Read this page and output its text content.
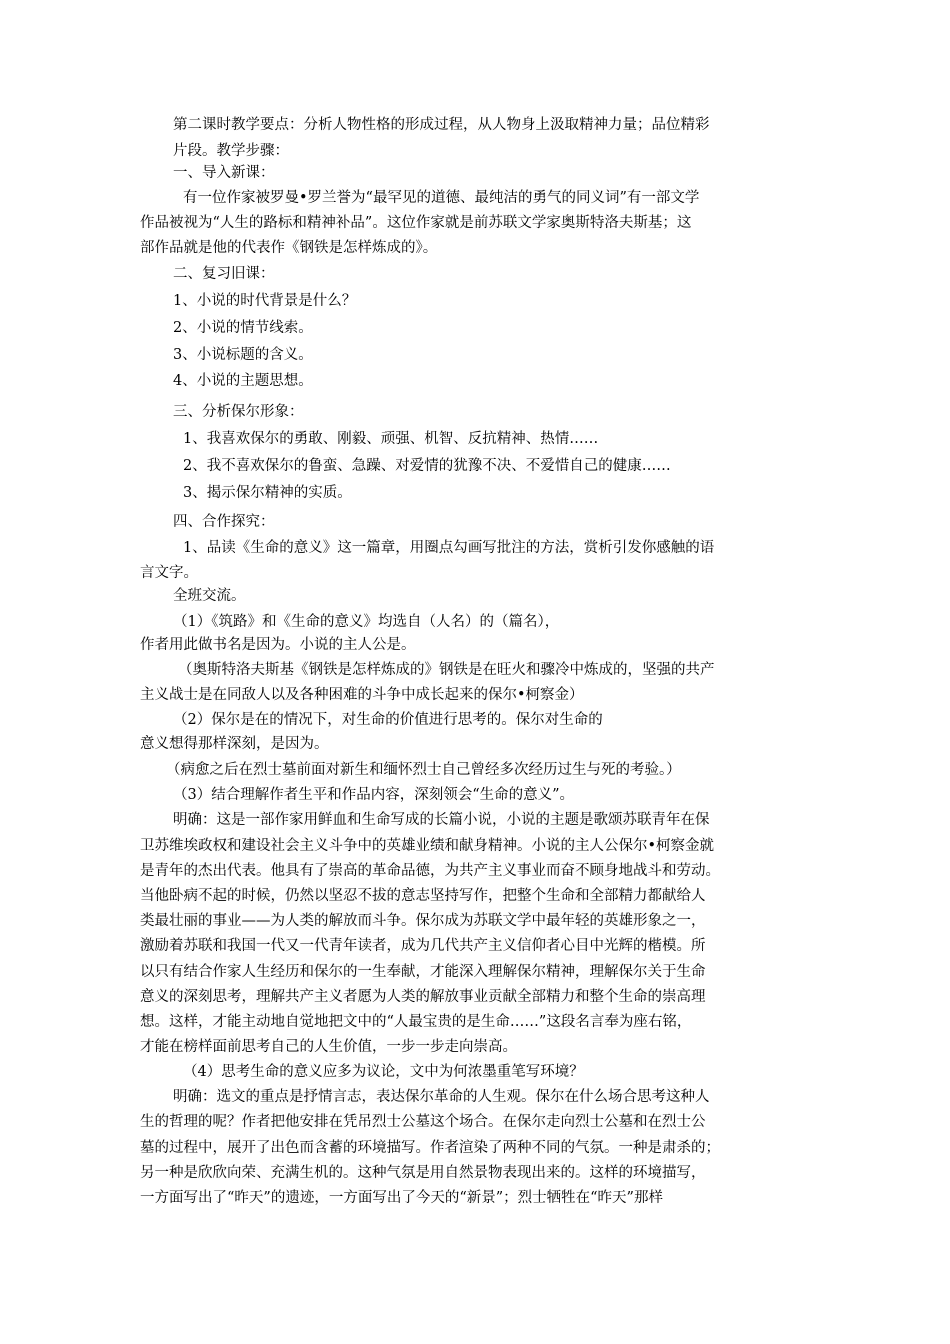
第二课时教学要点：分析人物性格的形成过程，从人物身上汲取精神力量；品位精彩

片段。教学步骤：

一、导入新课：

有一位作家被罗曼•罗兰誉为“最罕见的道德、最纯洁的勇气的同义词”有一部文学

作品被视为“人生的路标和精神补品”。这位作家就是前苏联文学家奥斯特洛夫斯基；这

部作品就是他的代表作《钢铁是怎样炼成的》。

二、复习旧课：

1、小说的时代背景是什么？

2、小说的情节线索。

3、小说标题的含义。

4、小说的主题思想。

三、分析保尔形象：

1、我喜欢保尔的勇敢、刚毅、顽强、机智、反抗精神、热情……

2、我不喜欢保尔的鲁蛮、急躁、对爱情的犹豫不决、不爱惜自己的健康……

3、揭示保尔精神的实质。

四、合作探究：

1、品读《生命的意义》这一篇章，用圈点勾画写批注的方法，赏析引发你感触的语

言文字。

全班交流。

（1）《筑路》和《生命的意义》均选自（人名）的（篇名），

作者用此做书名是因为。小说的主人公是。

（奥斯特洛夫斯基《钢铁是怎样炼成的》钢铁是在旺火和骤冷中炼成的，坚强的共产

主义战士是在同敌人以及各种困难的斗争中成长起来的保尔•柯察金）

（2）保尔是在的情况下，对生命的价值进行思考的。保尔对生命的

意义想得那样深刻，是因为。

（病愈之后在烈士墓前面对新生和缅怀烈士自己曾经多次经历过生与死的考验。）

（3）结合理解作者生平和作品内容，深刻领会“生命的意义”。

明确：这是一部作家用鲜血和生命写成的长篇小说，小说的主题是歌颂苏联青年在保

卫苏维埃政权和建设社会主义斗争中的英雄业绩和献身精神。小说的主人公保尔•柯察金就

是青年的杰出代表。他具有了崇高的革命品德，为共产主义事业而奋不顾身地战斗和劳动。

当他卧病不起的时候，仍然以坚忍不拔的意志坚持写作，把整个生命和全部精力都献给人

类最壮丽的事业——为人类的解放而斗争。保尔成为苏联文学中最年轻的英雄形象之一，

激励着苏联和我国一代又一代青年读者，成为几代共产主义信仰者心目中光辉的楷模。所

以只有结合作家人生经历和保尔的一生奉献，才能深入理解保尔精神，理解保尔关于生命

意义的深刻思考，理解共产主义者愿为人类的解放事业贡献全部精力和整个生命的崇高理

想。这样，才能主动地自觉地把文中的“人最宝贵的是生命……”这段名言奉为座右铭，

才能在榜样面前思考自己的人生价值，一步一步走向崇高。

（4）思考生命的意义应多为议论，文中为何浓墨重笔写环境？

明确：选文的重点是抒情言志，表达保尔革命的人生观。保尔在什么场合思考这种人

生的哲理的呢？作者把他安排在凭吊烈士公墓这个场合。在保尔走向烈士公墓和在烈士公

墓的过程中，展开了出色而含蓄的环境描写。作者渲染了两种不同的气氛。一种是肃杀的；

另一种是欣欣向荣、充满生机的。这种气氛是用自然景物表现出来的。这样的环境描写，

一方面写出了“昨天”的遗迹，一方面写出了今天的“新景”；烈士牺牲在“昨天”那样
